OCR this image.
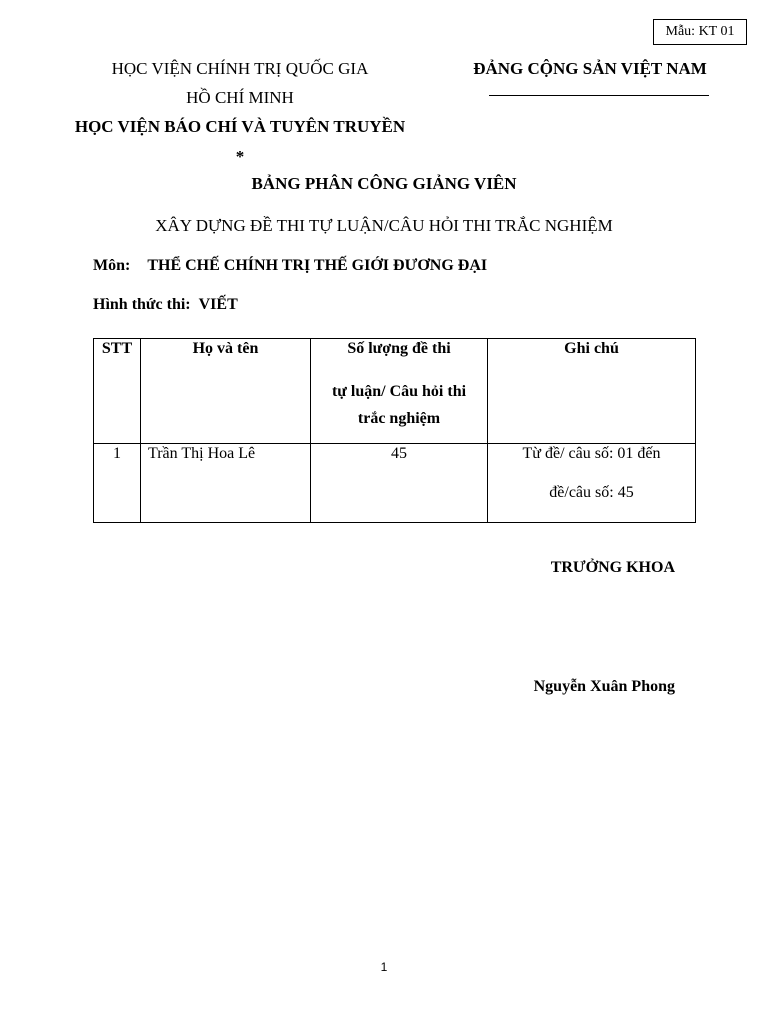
Mẫu: KT 01
HỌC VIỆN CHÍNH TRỊ QUỐC GIA
HỒ CHÍ MINH
HỌC VIỆN BÁO CHÍ VÀ TUYÊN TRUYỀN
*
ĐẢNG CỘNG SẢN VIỆT NAM
BẢNG PHÂN CÔNG GIẢNG VIÊN
XÂY DỰNG ĐỀ THI TỰ LUẬN/CÂU HỎI THI TRẮC NGHIỆM
Môn: THỂ CHẾ CHÍNH TRỊ THẾ GIỚI ĐƯƠNG ĐẠI
Hình thức thi: VIẾT
STT	Họ và tên	Số lượng đề thi
tự luận/ Câu hỏi thi
trắc nghiệm	Ghi chú

1	Trần Thị Hoa Lê	45	Từ đề/ câu số: 01 đến
đề/câu số: 45
TRƯỞNG KHOA
Nguyễn Xuân Phong
1
